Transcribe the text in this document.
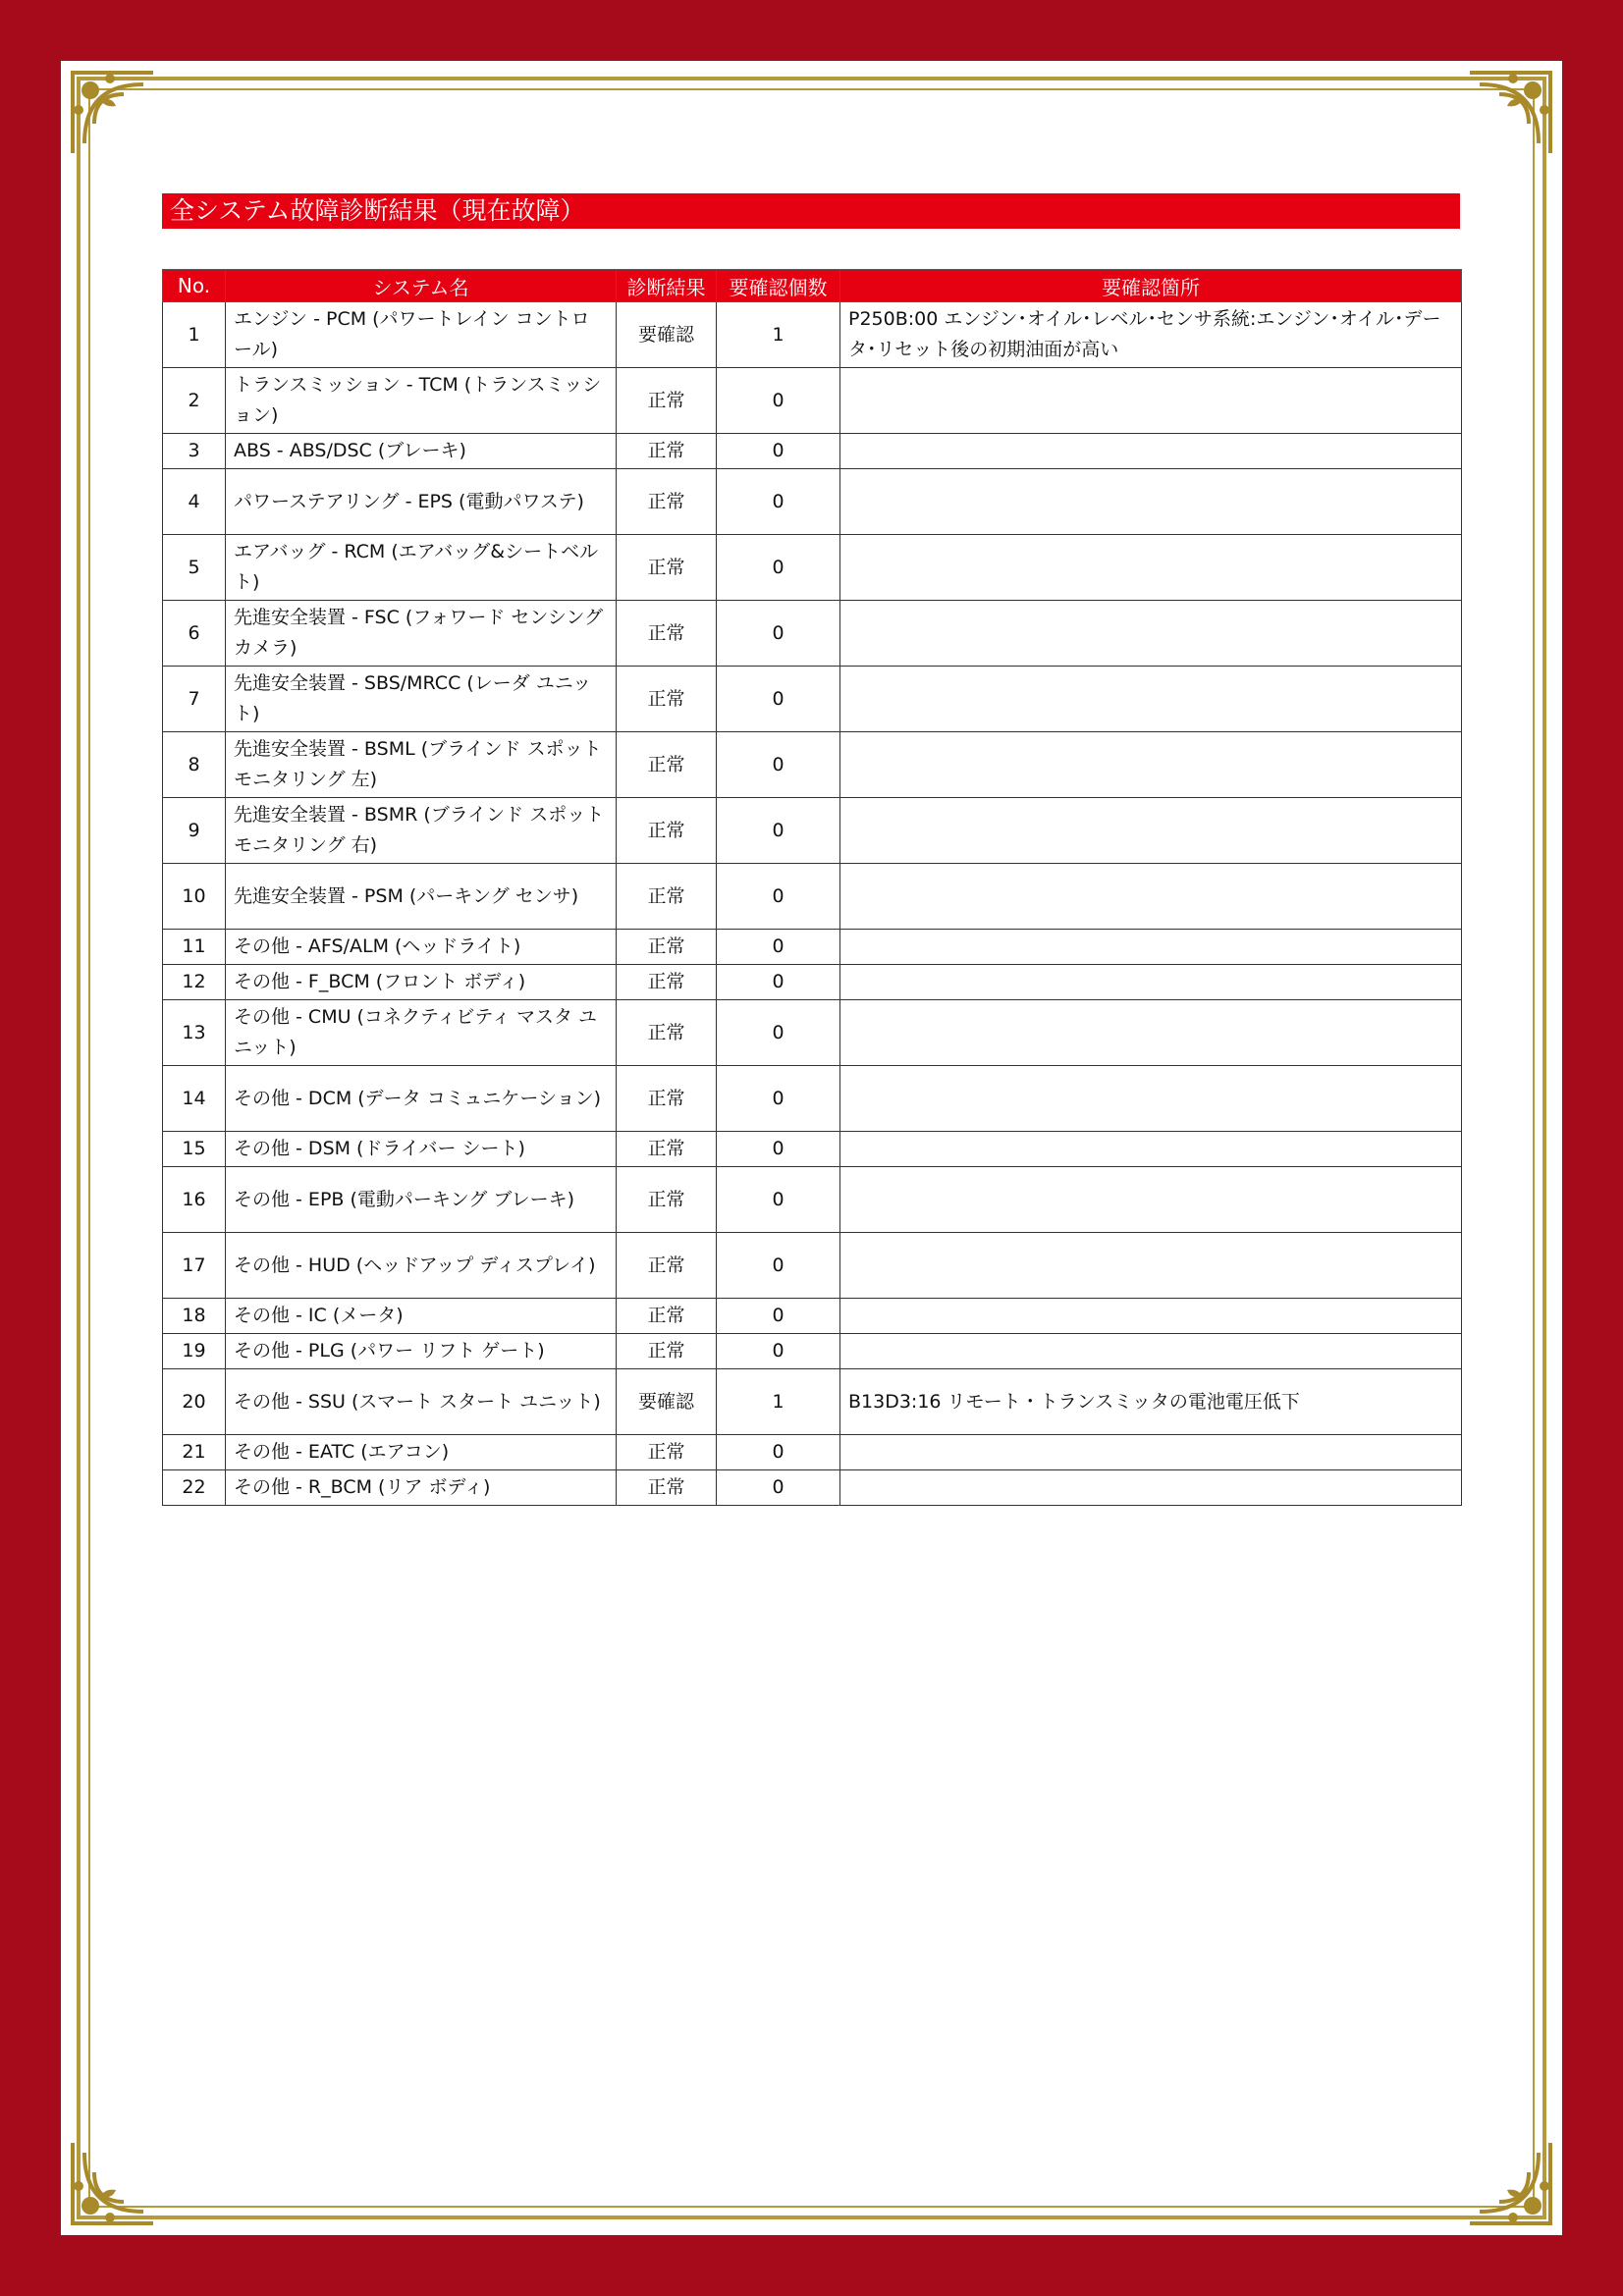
全システム故障診断結果（現在故障）
No.	システム名	診断結果	要確認個数	要確認箇所
1	エンジン - PCM (パワートレイン コントロール)	要確認	1	P250B:00 エンジン･オイル･レベル･センサ系統:エンジン･オイル･データ･リセット後の初期油面が高い
2	トランスミッション - TCM (トランスミッション)	正常	0	
3	ABS - ABS/DSC (ブレーキ)	正常	0	
4	パワーステアリング - EPS (電動パワステ)	正常	0	
5	エアバッグ - RCM (エアバッグ&シートベルト)	正常	0	
6	先進安全装置 - FSC (フォワード センシング カメラ)	正常	0	
7	先進安全装置 - SBS/MRCC (レーダ ユニット)	正常	0	
8	先進安全装置 - BSML (ブラインド スポット モニタリング 左)	正常	0	
9	先進安全装置 - BSMR (ブラインド スポット モニタリング 右)	正常	0	
10	先進安全装置 - PSM (パーキング センサ)	正常	0	
11	その他 - AFS/ALM (ヘッドライト)	正常	0	
12	その他 - F_BCM (フロント ボディ)	正常	0	
13	その他 - CMU (コネクティビティ マスタ ユニット)	正常	0	
14	その他 - DCM (データ コミュニケーション)	正常	0	
15	その他 - DSM (ドライバー シート)	正常	0	
16	その他 - EPB (電動パーキング ブレーキ)	正常	0	
17	その他 - HUD (ヘッドアップ ディスプレイ)	正常	0	
18	その他 - IC (メータ)	正常	0	
19	その他 - PLG (パワー リフト ゲート)	正常	0	
20	その他 - SSU (スマート スタート ユニット)	要確認	1	B13D3:16 リモート・トランスミッタの電池電圧低下
21	その他 - EATC (エアコン)	正常	0	
22	その他 - R_BCM (リア ボディ)	正常	0	
